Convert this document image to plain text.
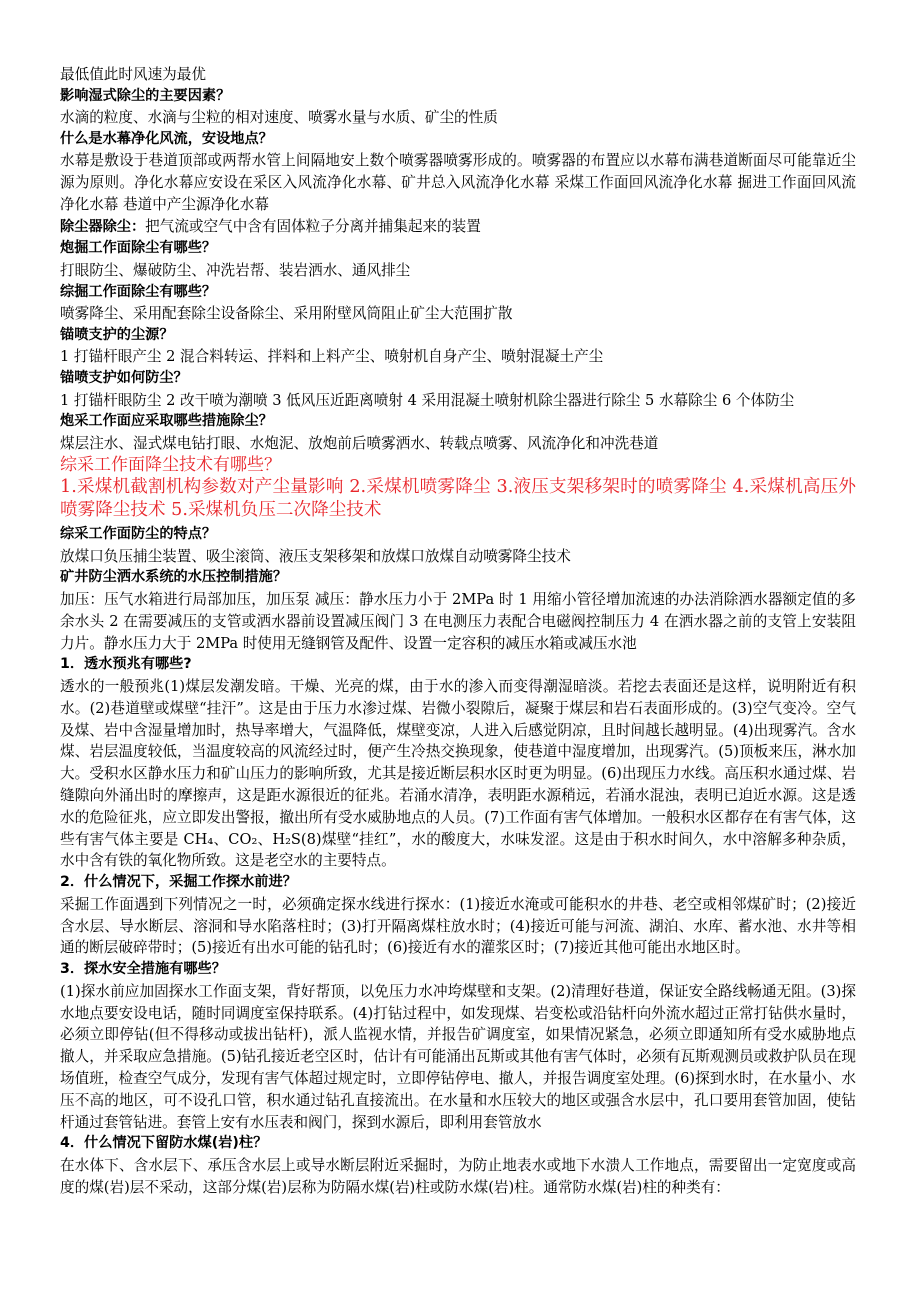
最低值此时风速为最优

影响湿式除尘的主要因素？

水滴的粒度、水滴与尘粒的相对速度、喷雾水量与水质、矿尘的性质

什么是水幕净化风流，安设地点？

水幕是敷设于巷道顶部或两帮水管上间隔地安上数个喷雾器喷雾形成的。喷雾器的布置应以水幕布满巷道断面尽可能靠近尘源为原则。净化水幕应安设在采区入风流净化水幕、矿井总入风流净化水幕 采煤工作面回风流净化水幕 掘进工作面回风流净化水幕 巷道中产尘源净化水幕

除尘器除尘：把气流或空气中含有固体粒子分离并捕集起来的装置

炮掘工作面除尘有哪些？

打眼防尘、爆破防尘、冲洗岩帮、装岩洒水、通风排尘

综掘工作面除尘有哪些？

喷雾降尘、采用配套除尘设备除尘、采用附壁风筒阻止矿尘大范围扩散

锚喷支护的尘源？

1 打锚杆眼产尘 2 混合料转运、拌料和上料产尘、喷射机自身产尘、喷射混凝土产尘

锚喷支护如何防尘？

1 打锚杆眼防尘 2 改干喷为潮喷 3 低风压近距离喷射 4 采用混凝土喷射机除尘器进行除尘 5 水幕除尘 6 个体防尘

炮采工作面应采取哪些措施除尘？

煤层注水、湿式煤电钻打眼、水炮泥、放炮前后喷雾洒水、转载点喷雾、风流净化和冲洗巷道

综采工作面降尘技术有哪些？

1.采煤机截割机构参数对产尘量影响 2.采煤机喷雾降尘 3.液压支架移架时的喷雾降尘 4.采煤机高压外喷雾降尘技术 5.采煤机负压二次降尘技术

综采工作面防尘的特点？

放煤口负压捕尘装置、吸尘滚筒、液压支架移架和放煤口放煤自动喷雾降尘技术

矿井防尘洒水系统的水压控制措施？

加压：压气水箱进行局部加压，加压泵 减压：静水压力小于 2MPa 时 1 用缩小管径增加流速的办法消除洒水器额定值的多余水头 2 在需要减压的支管或洒水器前设置减压阀门 3 在电测压力表配合电磁阀控制压力 4 在洒水器之前的支管上安装阻力片。静水压力大于 2MPa 时使用无缝钢管及配件、设置一定容积的减压水箱或减压水池

1．透水预兆有哪些?

透水的一般预兆(1)煤层发潮发暗。干燥、光亮的煤，由于水的渗入而变得潮湿暗淡。若挖去表面还是这样，说明附近有积水。(2)巷道壁或煤壁“挂汗”。这是由于压力水渗过煤、岩微小裂隙后，凝聚于煤层和岩石表面形成的。(3)空气变冷。空气及煤、岩中含湿量增加时，热导率增大，气温降低，煤壁变凉，人进入后感觉阴凉，且时间越长越明显。(4)出现雾汽。含水煤、岩层温度较低，当温度较高的风流经过时，便产生冷热交换现象，使巷道中湿度增加，出现雾汽。(5)顶板来压，淋水加大。受积水区静水压力和矿山压力的影响所致，尤其是接近断层积水区时更为明显。(6)出现压力水线。高压积水通过煤、岩缝隙向外涌出时的摩擦声，这是距水源很近的征兆。若涌水清净，表明距水源稍远，若涌水混浊，表明已迫近水源。这是透水的危险征兆，应立即发出警报，撤出所有受水威胁地点的人员。(7)工作面有害气体增加。一般积水区都存在有害气体，这些有害气体主要是 CH₄、CO₂、H₂S(8)煤壁“挂红”，水的酸度大，水味发涩。这是由于积水时间久，水中溶解多种杂质，水中含有铁的氧化物所致。这是老空水的主要特点。

2．什么情况下，采掘工作探水前进？

采掘工作面遇到下列情况之一时，必须确定探水线进行探水：(1)接近水淹或可能积水的井巷、老空或相邻煤矿时；(2)接近含水层、导水断层、溶洞和导水陷落柱时；(3)打开隔离煤柱放水时；(4)接近可能与河流、湖泊、水库、蓄水池、水井等相通的断层破碎带时；(5)接近有出水可能的钻孔时；(6)接近有水的灌浆区时；(7)接近其他可能出水地区时。

3．探水安全措施有哪些？

(1)探水前应加固探水工作面支架，背好帮顶，以免压力水冲垮煤壁和支架。(2)清理好巷道，保证安全路线畅通无阻。(3)探水地点要安设电话，随时同调度室保持联系。(4)打钻过程中，如发现煤、岩变松或沿钻杆向外流水超过正常打钻供水量时，必须立即停钻(但不得移动或拔出钻杆)，派人监视水情，并报告矿调度室，如果情况紧急，必须立即通知所有受水威胁地点撤人，并采取应急措施。(5)钻孔接近老空区时，估计有可能涌出瓦斯或其他有害气体时，必须有瓦斯观测员或救护队员在现场值班，检查空气成分，发现有害气体超过规定时，立即停钻停电、撤人，并报告调度室处理。(6)探到水时，在水量小、水压不高的地区，可不设孔口管，积水通过钻孔直接流出。在水量和水压较大的地区或强含水层中，孔口要用套管加固，使钻杆通过套管钻进。套管上安有水压表和阀门，探到水源后，即利用套管放水

4．什么情况下留防水煤(岩)柱？

在水体下、含水层下、承压含水层上或导水断层附近采掘时，为防止地表水或地下水溃人工作地点，需要留出一定宽度或高度的煤(岩)层不采动，这部分煤(岩)层称为防隔水煤(岩)柱或防水煤(岩)柱。通常防水煤(岩)柱的种类有：
